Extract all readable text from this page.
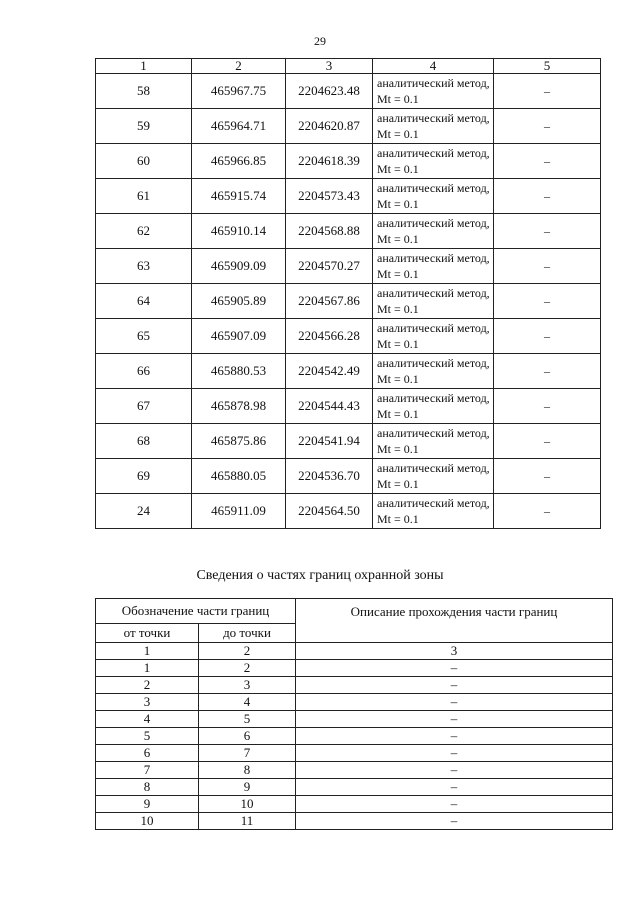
29
1	2	3	4	5
58	465967.75	2204623.48	аналитический метод, Mt = 0.1	–
59	465964.71	2204620.87	аналитический метод, Mt = 0.1	–
60	465966.85	2204618.39	аналитический метод, Mt = 0.1	–
61	465915.74	2204573.43	аналитический метод, Mt = 0.1	–
62	465910.14	2204568.88	аналитический метод, Mt = 0.1	–
63	465909.09	2204570.27	аналитический метод, Mt = 0.1	–
64	465905.89	2204567.86	аналитический метод, Mt = 0.1	–
65	465907.09	2204566.28	аналитический метод, Mt = 0.1	–
66	465880.53	2204542.49	аналитический метод, Mt = 0.1	–
67	465878.98	2204544.43	аналитический метод, Mt = 0.1	–
68	465875.86	2204541.94	аналитический метод, Mt = 0.1	–
69	465880.05	2204536.70	аналитический метод, Mt = 0.1	–
24	465911.09	2204564.50	аналитический метод, Mt = 0.1	–
Сведения о частях границ охранной зоны
Обозначение части границ		Описание прохождения части границ
от точки	до точки	
1	2	3
1	2	–
2	3	–
3	4	–
4	5	–
5	6	–
6	7	–
7	8	–
8	9	–
9	10	–
10	11	–
